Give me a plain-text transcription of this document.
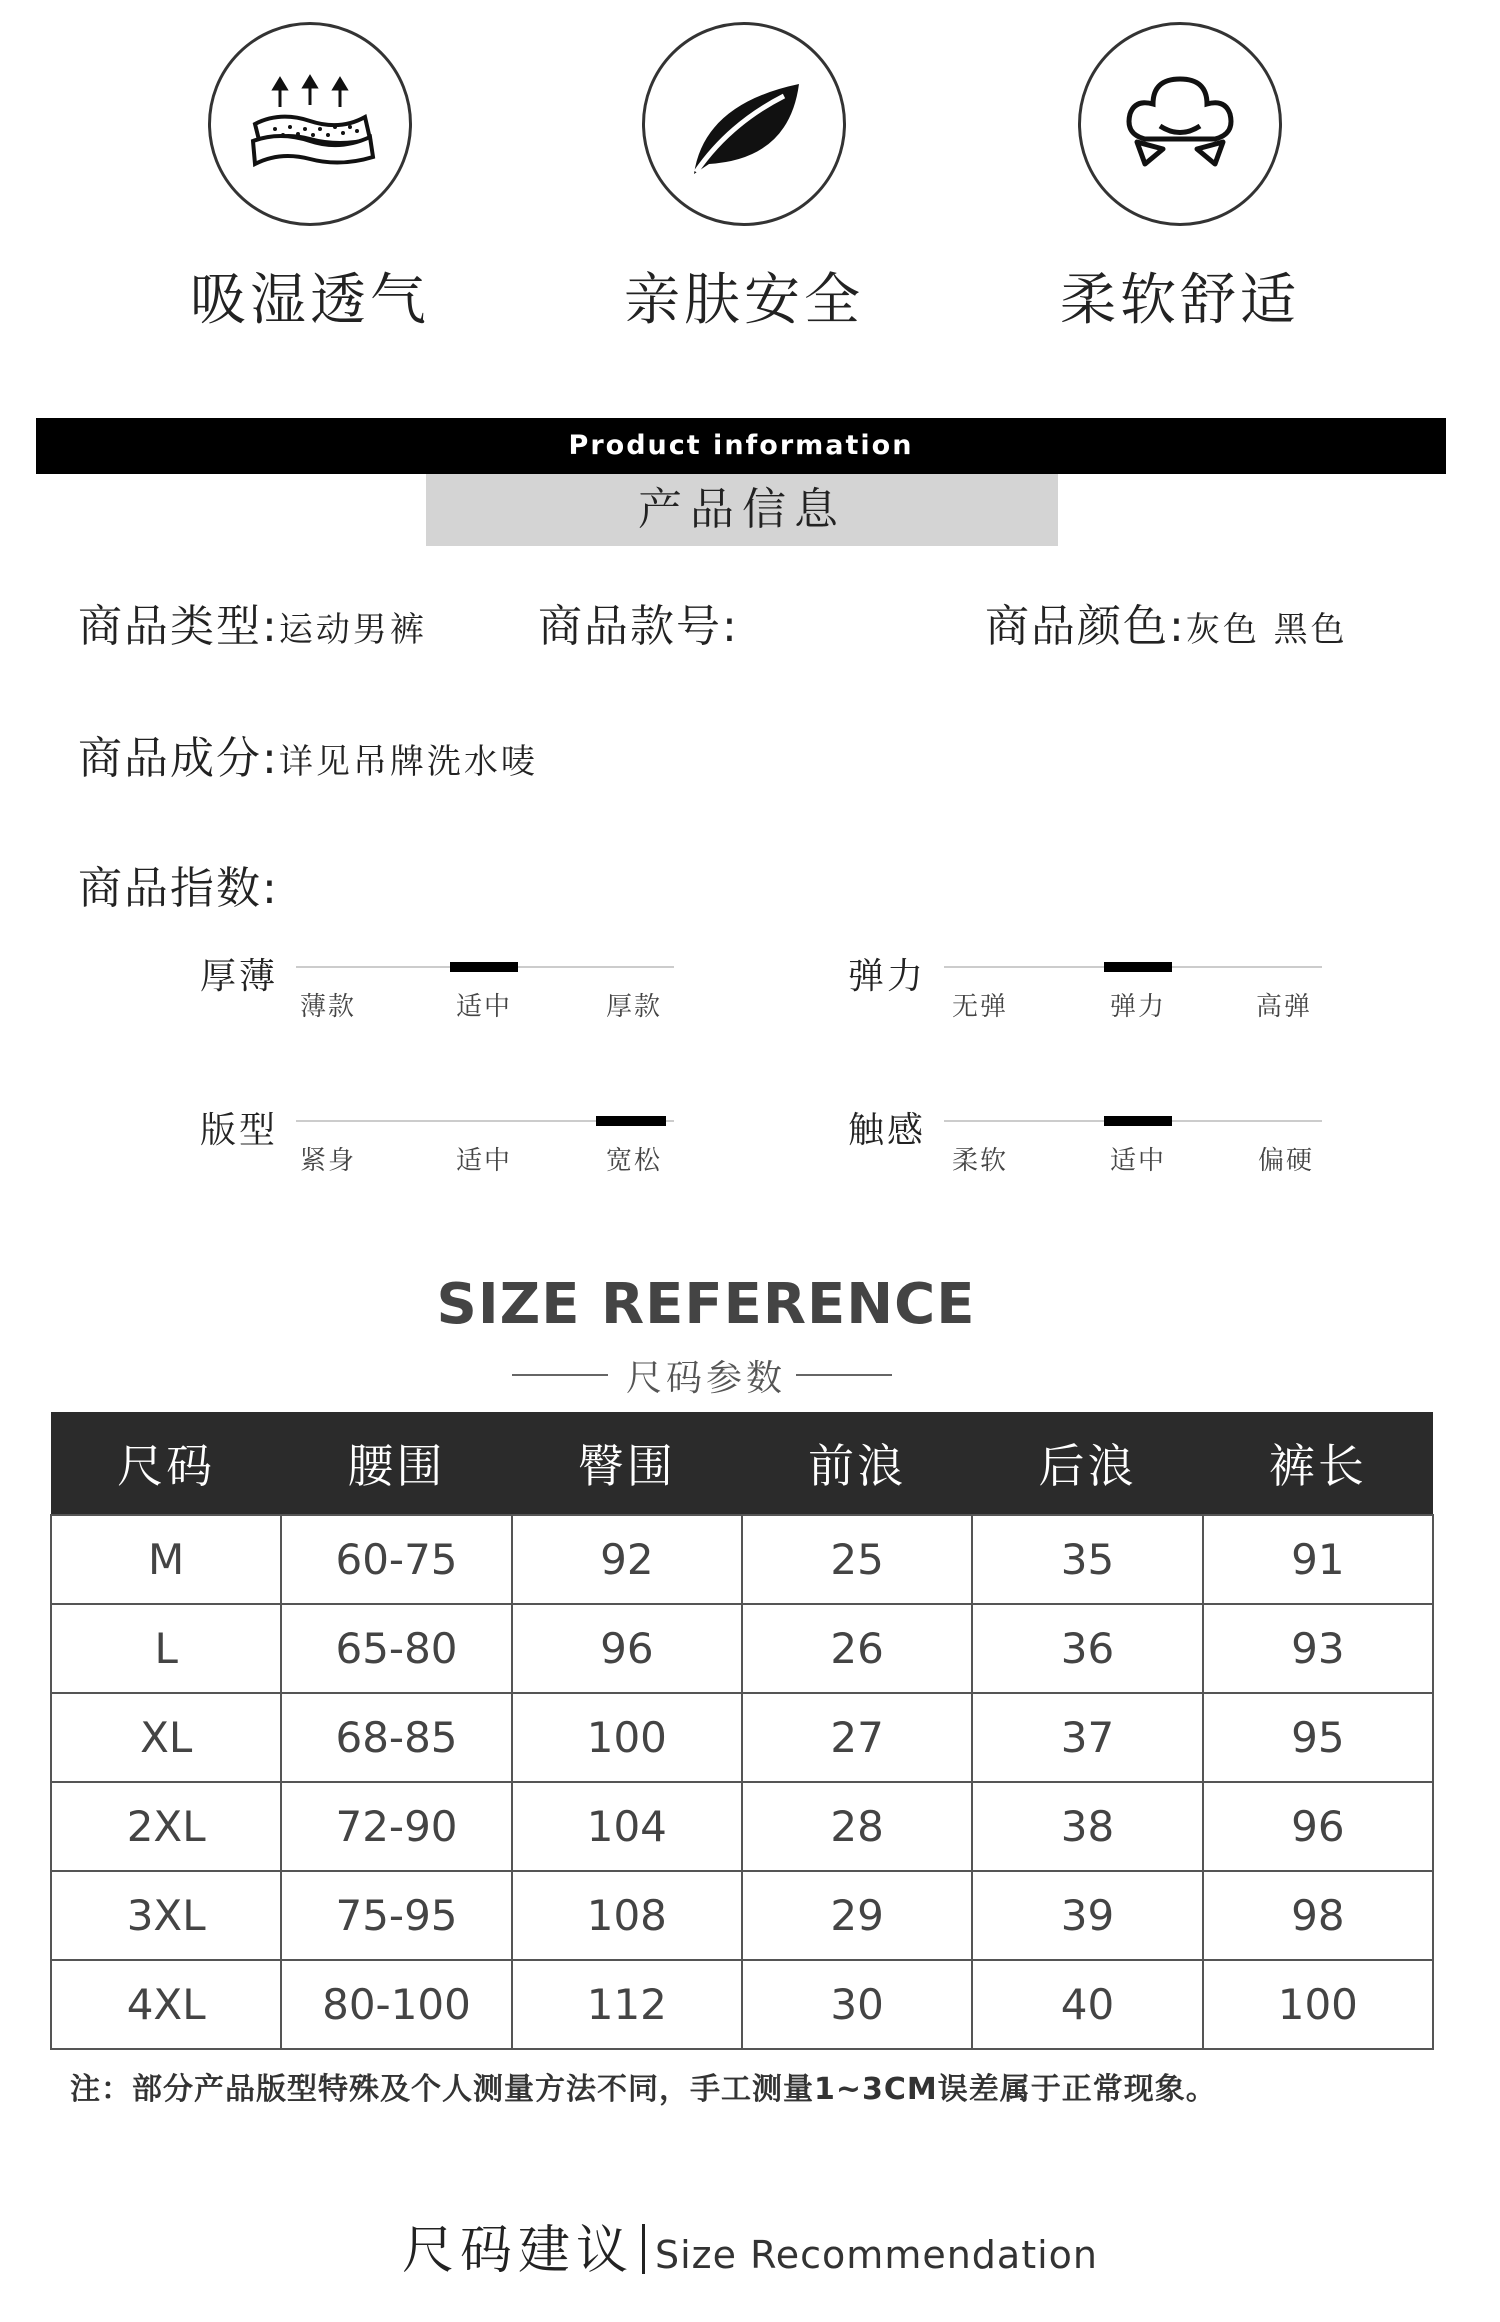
吸湿透气	亲肤安全	柔软舒适
Product information
产品信息
商品类型:运动男裤	商品款号:	商品颜色:灰色 黑色
商品成分:详见吊牌洗水唛
商品指数:
厚薄
薄款	适中	厚款
弹力
无弹	弹力	高弹
版型
紧身	适中	宽松
触感
柔软	适中	偏硬
SIZE REFERENCE
尺码参数
尺码	腰围	臀围	前浪	后浪	裤长
M	60-75	92	25	35	91
L	65-80	96	26	36	93
XL	68-85	100	27	37	95
2XL	72-90	104	28	38	96
3XL	75-95	108	29	39	98
4XL	80-100	112	30	40	100
注：部分产品版型特殊及个人测量方法不同，手工测量1~3CM误差属于正常现象。
尺码建议 Size Recommendation
